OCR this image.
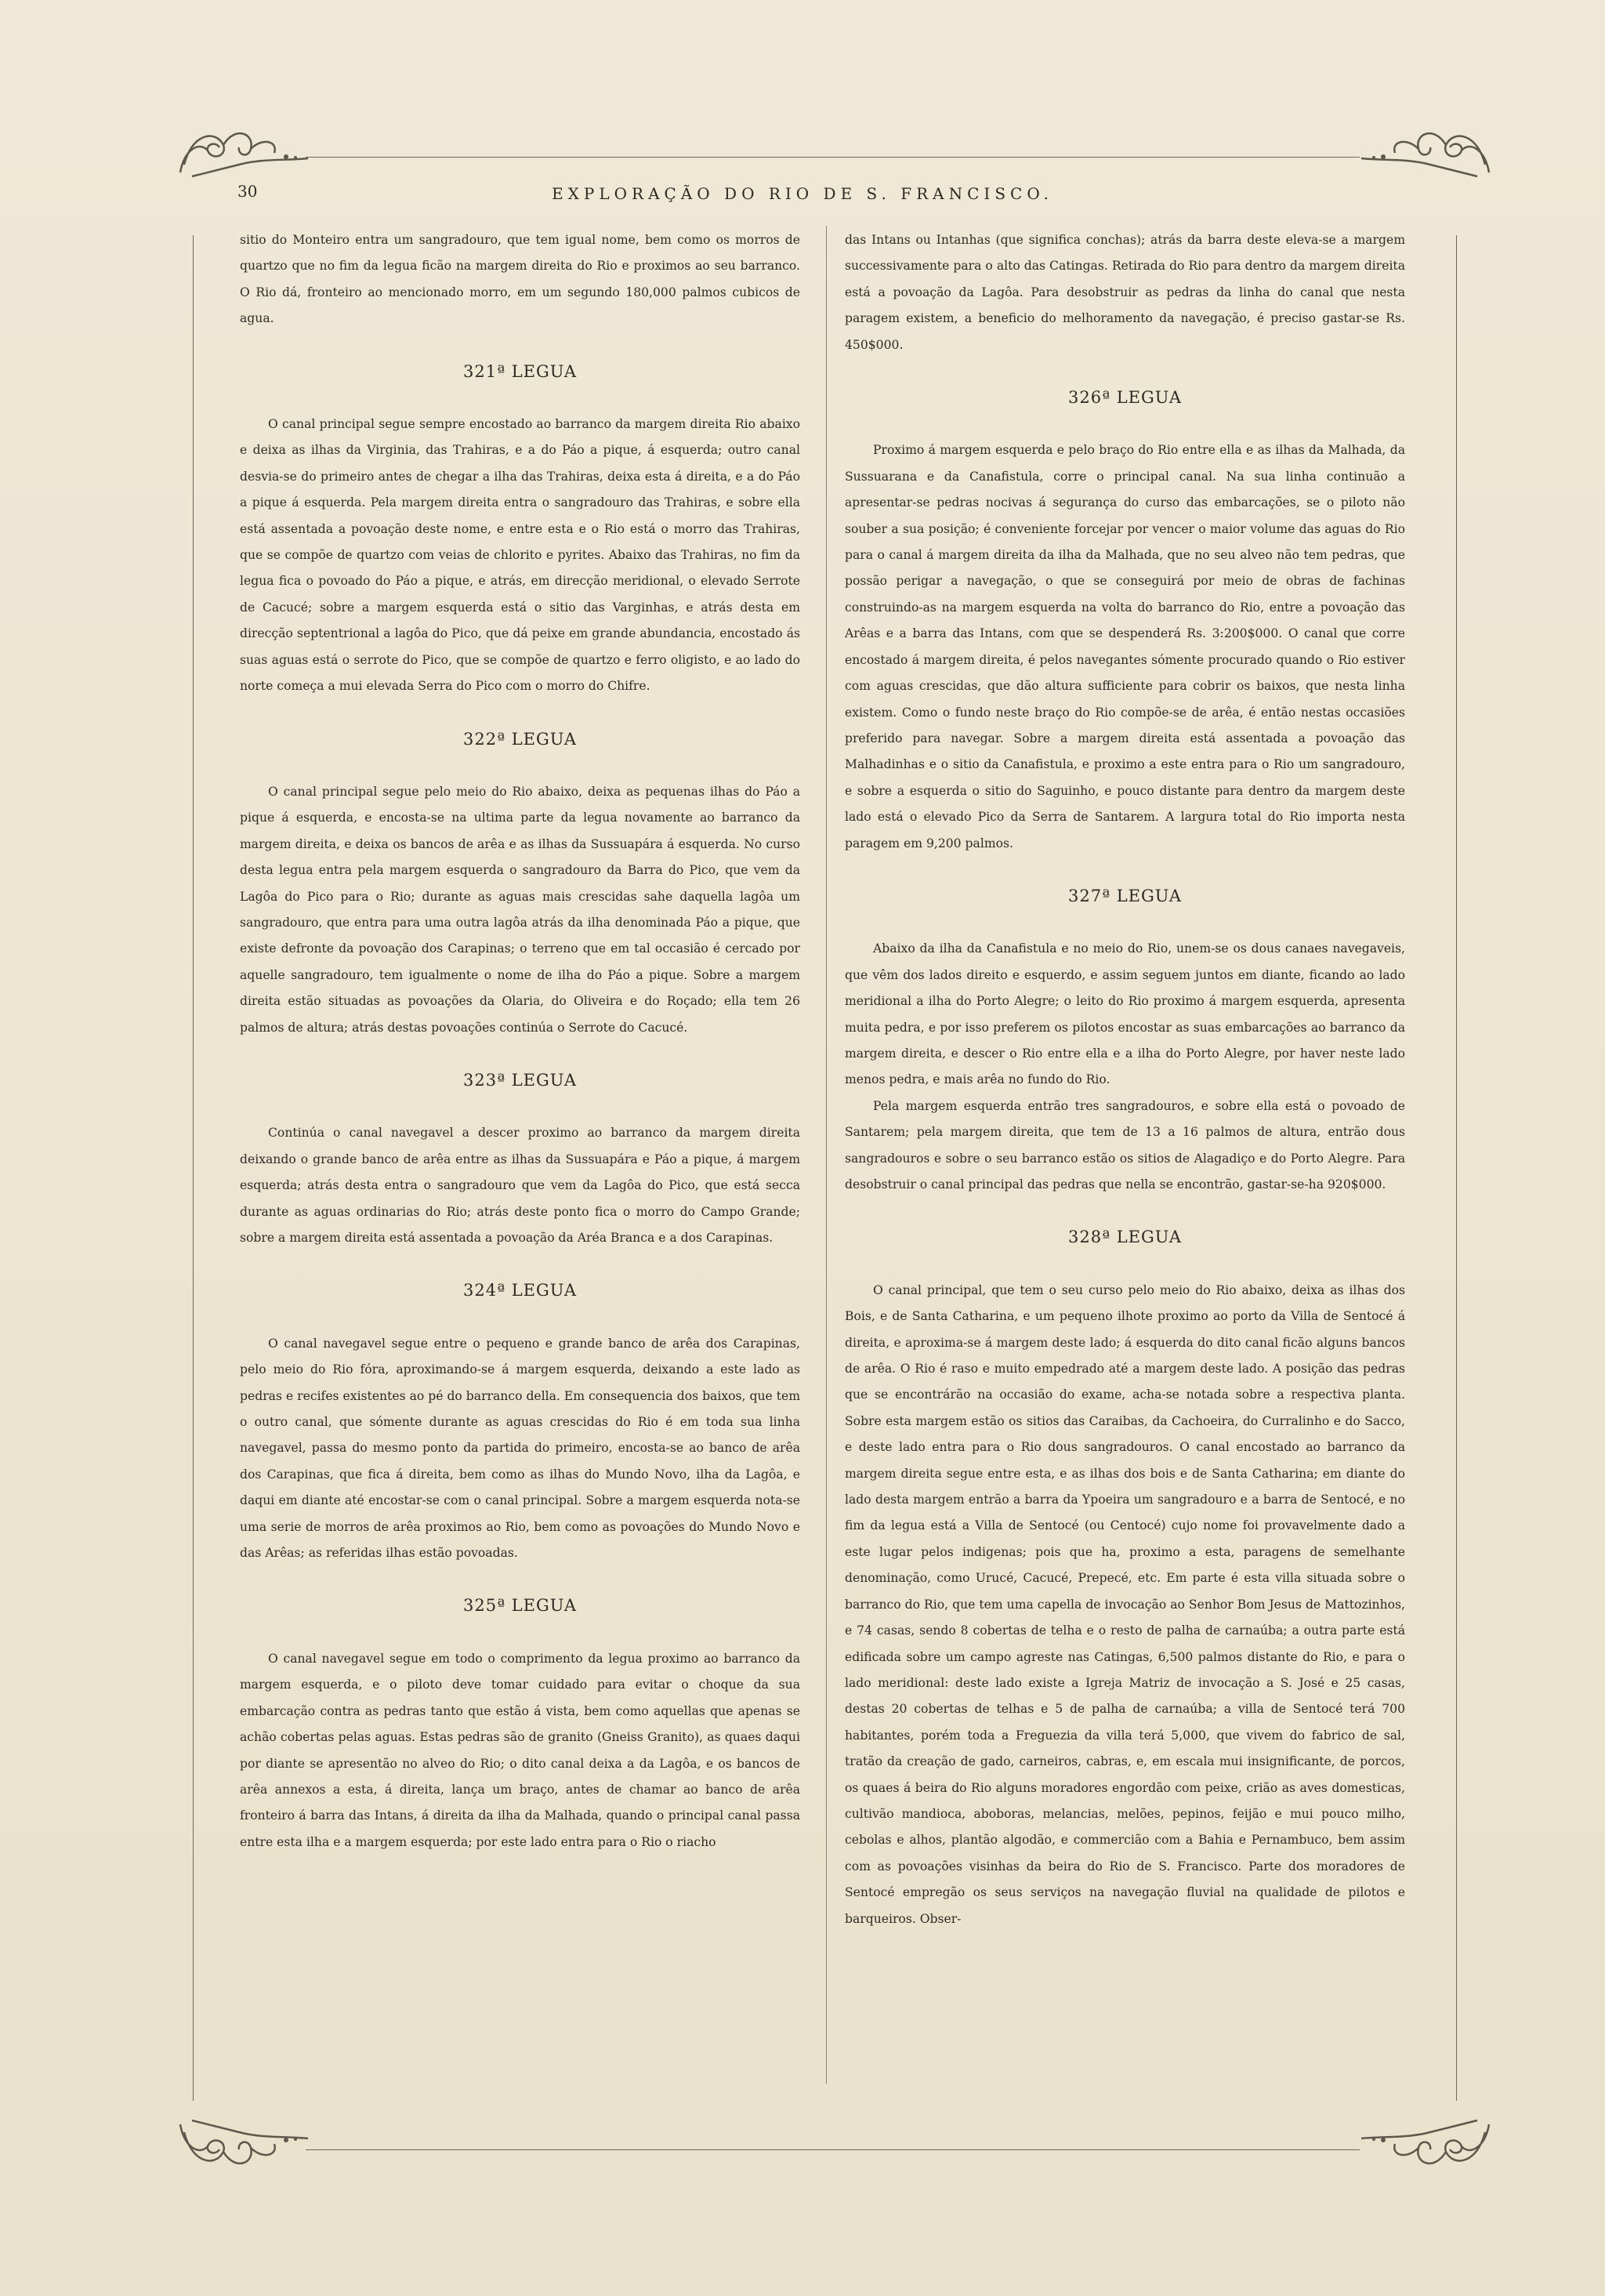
30	EXPLORAÇÃO DO RIO DE S. FRANCISCO.

sitio do Monteiro entra um sangradouro, que tem igual nome, bem como os morros de quartzo que no fim da legua ficão na margem direita do Rio e proximos ao seu barranco. O Rio dá, fronteiro ao mencionado morro, em um segundo 180,000 palmos cubicos de agua.

321ª LEGUA

O canal principal segue sempre encostado ao barranco da margem direita Rio abaixo e deixa as ilhas da Virginia, das Trahiras, e a do Páo a pique, á esquerda; outro canal desvia-se do primeiro antes de chegar a ilha das Trahiras, deixa esta á direita, e a do Páo a pique á esquerda. Pela margem direita entra o sangradouro das Trahiras, e sobre ella está assentada a povoação deste nome, e entre esta e o Rio está o morro das Trahiras, que se compõe de quartzo com veias de chlorito e pyrites. Abaixo das Trahiras, no fim da legua fica o povoado do Páo a pique, e atrás, em direcção meridional, o elevado Serrote de Cacucé; sobre a margem esquerda está o sitio das Varginhas, e atrás desta em direcção septentrional a lagôa do Pico, que dá peixe em grande abundancia, encostado ás suas aguas está o serrote do Pico, que se compõe de quartzo e ferro oligisto, e ao lado do norte começa a mui elevada Serra do Pico com o morro do Chifre.

322ª LEGUA

O canal principal segue pelo meio do Rio abaixo, deixa as pequenas ilhas do Páo a pique á esquerda, e encosta-se na ultima parte da legua novamente ao barranco da margem direita, e deixa os bancos de arêa e as ilhas da Sussuapára á esquerda. No curso desta legua entra pela margem esquerda o sangradouro da Barra do Pico, que vem da Lagôa do Pico para o Rio; durante as aguas mais crescidas sahe daquella lagôa um sangradouro, que entra para uma outra lagôa atrás da ilha denominada Páo a pique, que existe defronte da povoação dos Carapinas; o terreno que em tal occasião é cercado por aquelle sangradouro, tem igualmente o nome de ilha do Páo a pique. Sobre a margem direita estão situadas as povoações da Olaria, do Oliveira e do Roçado; ella tem 26 palmos de altura; atrás destas povoações continúa o Serrote do Cacucé.

323ª LEGUA

Continúa o canal navegavel a descer proximo ao barranco da margem direita deixando o grande banco de arêa entre as ilhas da Sussuapára e Páo a pique, á margem esquerda; atrás desta entra o sangradouro que vem da Lagôa do Pico, que está secca durante as aguas ordinarias do Rio; atrás deste ponto fica o morro do Campo Grande; sobre a margem direita está assentada a povoação da Aréa Branca e a dos Carapinas.

324ª LEGUA

O canal navegavel segue entre o pequeno e grande banco de arêa dos Carapinas, pelo meio do Rio fóra, aproximando-se á margem esquerda, deixando a este lado as pedras e recifes existentes ao pé do barranco della. Em consequencia dos baixos, que tem o outro canal, que sómente durante as aguas crescidas do Rio é em toda sua linha navegavel, passa do mesmo ponto da partida do primeiro, encosta-se ao banco de arêa dos Carapinas, que fica á direita, bem como as ilhas do Mundo Novo, ilha da Lagôa, e daqui em diante até encostar-se com o canal principal. Sobre a margem esquerda nota-se uma serie de morros de arêa proximos ao Rio, bem como as povoações do Mundo Novo e das Arêas; as referidas ilhas estão povoadas.

325ª LEGUA

O canal navegavel segue em todo o comprimento da legua proximo ao barranco da margem esquerda, e o piloto deve tomar cuidado para evitar o choque da sua embarcação contra as pedras tanto que estão á vista, bem como aquellas que apenas se achão cobertas pelas aguas. Estas pedras são de granito (Gneiss Granito), as quaes daqui por diante se apresentão no alveo do Rio; o dito canal deixa a da Lagôa, e os bancos de arêa annexos a esta, á direita, lança um braço, antes de chamar ao banco de arêa fronteiro á barra das Intans, á direita da ilha da Malhada, quando o principal canal passa entre esta ilha e a margem esquerda; por este lado entra para o Rio o riacho

das Intans ou Intanhas (que significa conchas); atrás da barra deste eleva-se a margem successivamente para o alto das Catingas. Retirada do Rio para dentro da margem direita está a povoação da Lagôa. Para desobstruir as pedras da linha do canal que nesta paragem existem, a beneficio do melhoramento da navegação, é preciso gastar-se Rs. 450$000.

326ª LEGUA

Proximo á margem esquerda e pelo braço do Rio entre ella e as ilhas da Malhada, da Sussuarana e da Canafistula, corre o principal canal. Na sua linha continuão a apresentar-se pedras nocivas á segurança do curso das embarcações, se o piloto não souber a sua posição; é conveniente forcejar por vencer o maior volume das aguas do Rio para o canal á margem direita da ilha da Malhada, que no seu alveo não tem pedras, que possão perigar a navegação, o que se conseguirá por meio de obras de fachinas construindo-as na margem esquerda na volta do barranco do Rio, entre a povoação das Arêas e a barra das Intans, com que se despenderá Rs. 3:200$000. O canal que corre encostado á margem direita, é pelos navegantes sómente procurado quando o Rio estiver com aguas crescidas, que dão altura sufficiente para cobrir os baixos, que nesta linha existem. Como o fundo neste braço do Rio compõe-se de arêa, é então nestas occasiões preferido para navegar. Sobre a margem direita está assentada a povoação das Malhadinhas e o sitio da Canafistula, e proximo a este entra para o Rio um sangradouro, e sobre a esquerda o sitio do Saguinho, e pouco distante para dentro da margem deste lado está o elevado Pico da Serra de Santarem. A largura total do Rio importa nesta paragem em 9,200 palmos.

327ª LEGUA

Abaixo da ilha da Canafistula e no meio do Rio, unem-se os dous canaes navegaveis, que vêm dos lados direito e esquerdo, e assim seguem juntos em diante, ficando ao lado meridional a ilha do Porto Alegre; o leito do Rio proximo á margem esquerda, apresenta muita pedra, e por isso preferem os pilotos encostar as suas embarcações ao barranco da margem direita, e descer o Rio entre ella e a ilha do Porto Alegre, por haver neste lado menos pedra, e mais arêa no fundo do Rio.

Pela margem esquerda entrão tres sangradouros, e sobre ella está o povoado de Santarem; pela margem direita, que tem de 13 a 16 palmos de altura, entrão dous sangradouros e sobre o seu barranco estão os sitios de Alagadiço e do Porto Alegre. Para desobstruir o canal principal das pedras que nella se encontrão, gastar-se-ha 920$000.

328ª LEGUA

O canal principal, que tem o seu curso pelo meio do Rio abaixo, deixa as ilhas dos Bois, e de Santa Catharina, e um pequeno ilhote proximo ao porto da Villa de Sentocé á direita, e aproxima-se á margem deste lado; á esquerda do dito canal ficão alguns bancos de arêa. O Rio é raso e muito empedrado até a margem deste lado. A posição das pedras que se encontrárão na occasião do exame, acha-se notada sobre a respectiva planta. Sobre esta margem estão os sitios das Caraibas, da Cachoeira, do Curralinho e do Sacco, e deste lado entra para o Rio dous sangradouros. O canal encostado ao barranco da margem direita segue entre esta, e as ilhas dos bois e de Santa Catharina; em diante do lado desta margem entrão a barra da Ypoeira um sangradouro e a barra de Sentocé, e no fim da legua está a Villa de Sentocé (ou Centocé) cujo nome foi provavelmente dado a este lugar pelos indigenas; pois que ha, proximo a esta, paragens de semelhante denominação, como Urucé, Cacucé, Prepecé, etc. Em parte é esta villa situada sobre o barranco do Rio, que tem uma capella de invocação ao Senhor Bom Jesus de Mattozinhos, e 74 casas, sendo 8 cobertas de telha e o resto de palha de carnaúba; a outra parte está edificada sobre um campo agreste nas Catingas, 6,500 palmos distante do Rio, e para o lado meridional: deste lado existe a Igreja Matriz de invocação a S. José e 25 casas, destas 20 cobertas de telhas e 5 de palha de carnaúba; a villa de Sentocé terá 700 habitantes, porém toda a Freguezia da villa terá 5,000, que vivem do fabrico de sal, tratão da creação de gado, carneiros, cabras, e, em escala mui insignificante, de porcos, os quaes á beira do Rio alguns moradores engordão com peixe, crião as aves domesticas, cultivão mandioca, aboboras, melancias, melões, pepinos, feijão e mui pouco milho, cebolas e alhos, plantão algodão, e commercião com a Bahia e Pernambuco, bem assim com as povoações visinhas da beira do Rio de S. Francisco. Parte dos moradores de Sentocé empregão os seus serviços na navegação fluvial na qualidade de pilotos e barqueiros. Obser-
